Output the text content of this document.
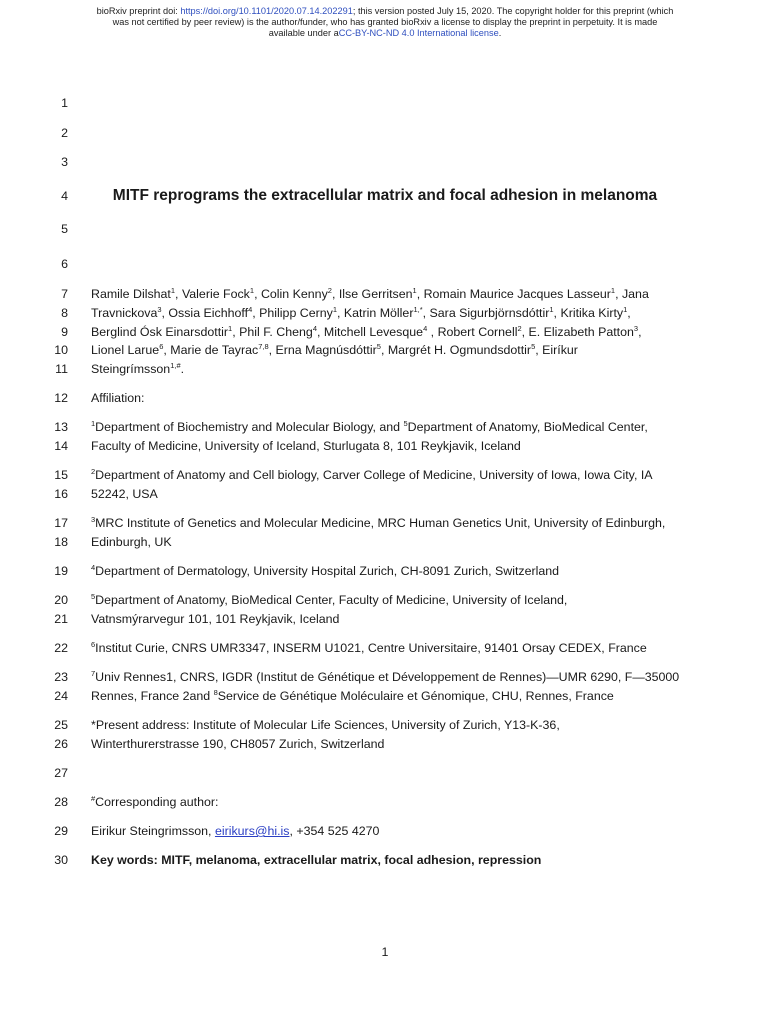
bioRxiv preprint doi: https://doi.org/10.1101/2020.07.14.202291; this version posted July 15, 2020. The copyright holder for this preprint (which
was not certified by peer review) is the author/funder, who has granted bioRxiv a license to display the preprint in perpetuity. It is made
available under aCC-BY-NC-ND 4.0 International license.
1
2
3
4
5
6
7
8
9
10
11
12
13
14
15
16
17
18
19
20
21
22
23
24
25
26
27
28
29
30
MITF reprograms the extracellular matrix and focal adhesion in melanoma
Ramile Dilshat$^1$, Valerie Fock$^1$, Colin Kenny$^2$, Ilse Gerritsen$^1$, Romain Maurice Jacques Lasseur$^1$, Jana
Travnickova$^3$, Ossia Eichhoff$^4$, Philipp Cerny$^1$, Katrin Möller$^{1,*}$, Sara Sigurbjörnsdóttir$^1$, Kritika Kirty$^1$,
Berglind Ósk Einarsdottir$^1$, Phil F. Cheng$^4$, Mitchell Levesque$^4$ , Robert Cornell$^2$, E. Elizabeth Patton$^3$,
Lionel Larue$^6$, Marie de Tayrac$^{7,8}$, Erna Magnúsdóttir$^5$, Margrét H. Ogmundsdottir$^5$, Eiríkur
Steingrímsson$^{1,\#}$.
Affiliation:
$^1$Department of Biochemistry and Molecular Biology, and $^5$Department of Anatomy, BioMedical Center,
Faculty of Medicine, University of Iceland, Sturlugata 8, 101 Reykjavik, Iceland
$^2$Department of Anatomy and Cell biology, Carver College of Medicine, University of Iowa, Iowa City, IA
52242, USA
$^3$MRC Institute of Genetics and Molecular Medicine, MRC Human Genetics Unit, University of Edinburgh,
Edinburgh, UK
$^4$Department of Dermatology, University Hospital Zurich, CH-8091 Zurich, Switzerland
$^5$Department of Anatomy, BioMedical Center, Faculty of Medicine, University of Iceland,
Vatnsmýrarvegur 101, 101 Reykjavik, Iceland
$^6$Institut Curie, CNRS UMR3347, INSERM U1021, Centre Universitaire, 91401 Orsay CEDEX, France
$^7$Univ Rennes1, CNRS, IGDR (Institut de Génétique et Développement de Rennes)—UMR 6290, F—35000
Rennes, France 2and $^8$Service de Génétique Moléculaire et Génomique, CHU, Rennes, France
*Present address: Institute of Molecular Life Sciences, University of Zurich, Y13-K-36,
Winterthurerstrasse 190, CH8057 Zurich, Switzerland
#Corresponding author:
Eirikur Steingrimsson, eirikurs@hi.is, +354 525 4270
Key words: MITF, melanoma, extracellular matrix, focal adhesion, repression
1
